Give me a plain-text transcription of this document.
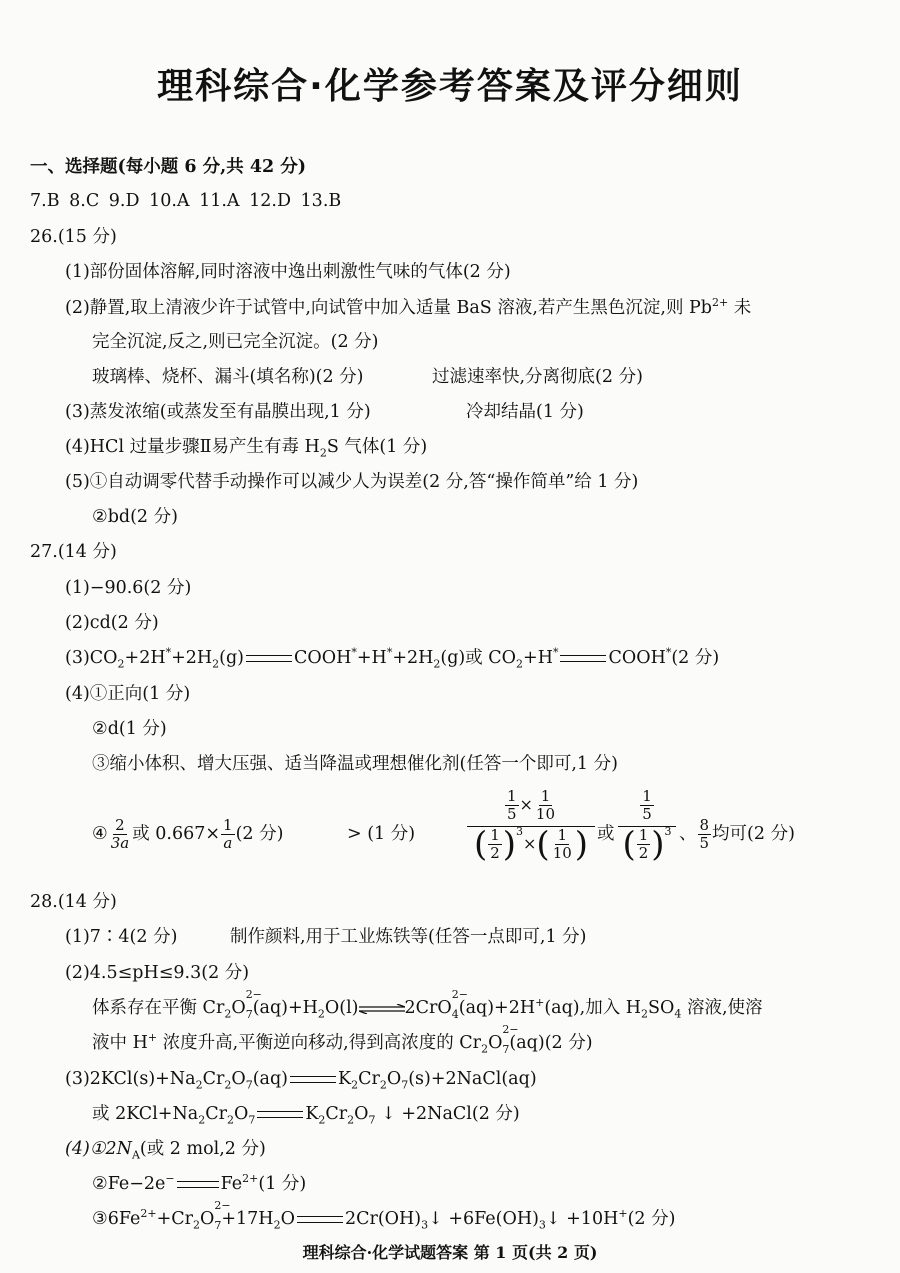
理科综合·化学参考答案及评分细则
一、选择题(每小题 6 分,共 42 分)
7.B 8.C 9.D 10.A 11.A 12.D 13.B
26.(15 分)
(1)部份固体溶解,同时溶液中逸出刺激性气味的气体(2 分)
(2)静置,取上清液少许于试管中,向试管中加入适量 BaS 溶液,若产生黑色沉淀,则 $Pb^{2+}$ 未
完全沉淀,反之,则已完全沉淀。(2 分)
玻璃棒、烧杯、漏斗(填名称)(2 分)	过滤速率快,分离彻底(2 分)
(3)蒸发浓缩(或蒸发至有晶膜出现,1 分)	冷却结晶(1 分)
(4)HCl 过量步骤Ⅱ易产生有毒 $H_2S$ 气体(1 分)
(5)①自动调零代替手动操作可以减少人为误差(2 分,答“操作简单”给 1 分)
②bd(2 分)
27.(14 分)
(1)−90.6(2 分)
(2)cd(2 分)
$(3)CO_2+2H^*+2H_2(g)$	$COOH^*+H^*+2H_2(g)$或 $CO_2+H^*$	COOH*(2 分)
(4)①正向(1 分)
②d(1 分)
③缩小体积、增大压强、适当降温或理想催化剂(任答一个即可,1 分)
④ $\frac{2}{3a}$ 或 $0.667\times \frac{1}{a} (2$ 分)	> (1 分)	$\frac{\frac{1}{5} \times \frac{1}{10}}{( \frac{1}{2} )^3\times( \frac{1}{10} )}$ 或 $\frac{\frac{1}{5}}{( \frac{1}{2} )^3}$ 、 $\frac{8}{5}$ 均可(2 分)
28.(14 分)
(1)7∶4(2 分)	制作颜料,用于工业炼铁等(任答一点即可,1 分)
(2)4.5≤pH≤9.3(2 分)
体系存在平衡 $Cr_2O$
$_{2- 7}(aq)+H_2O(l)\rightleftharpoons 2CrO$
$_{2- 4}$(aq)+2H+(aq),加入 $H_2SO_4$ 溶液,使溶
液中 H+ 浓度升高,平衡逆向移动,得到高浓度的 $Cr_2O$
$_{2- 7}$(aq)(2 分)
$(3)2KCl(s)+Na_2Cr_2O_7(aq)$	$K_2Cr_2O_7(s)+2NaCl(aq)$
或 $2KCl+Na_2Cr_2O_7$	$K_2Cr_2O_7$ ↓ +2NaCl(2 分)
$(4)①2N_A$(或 2 mol,2 分)
②Fe−2e−	$Fe^{2+}(1$ 分)
$③6Fe^{2+}+Cr_2O$
$_{2- 7}+17H_2O$	$2Cr(OH)_3↓$ $+6Fe(OH)_3↓ +10H^+(2$ 分)
理科综合·化学试题答案 第 1 页(共 2 页)
